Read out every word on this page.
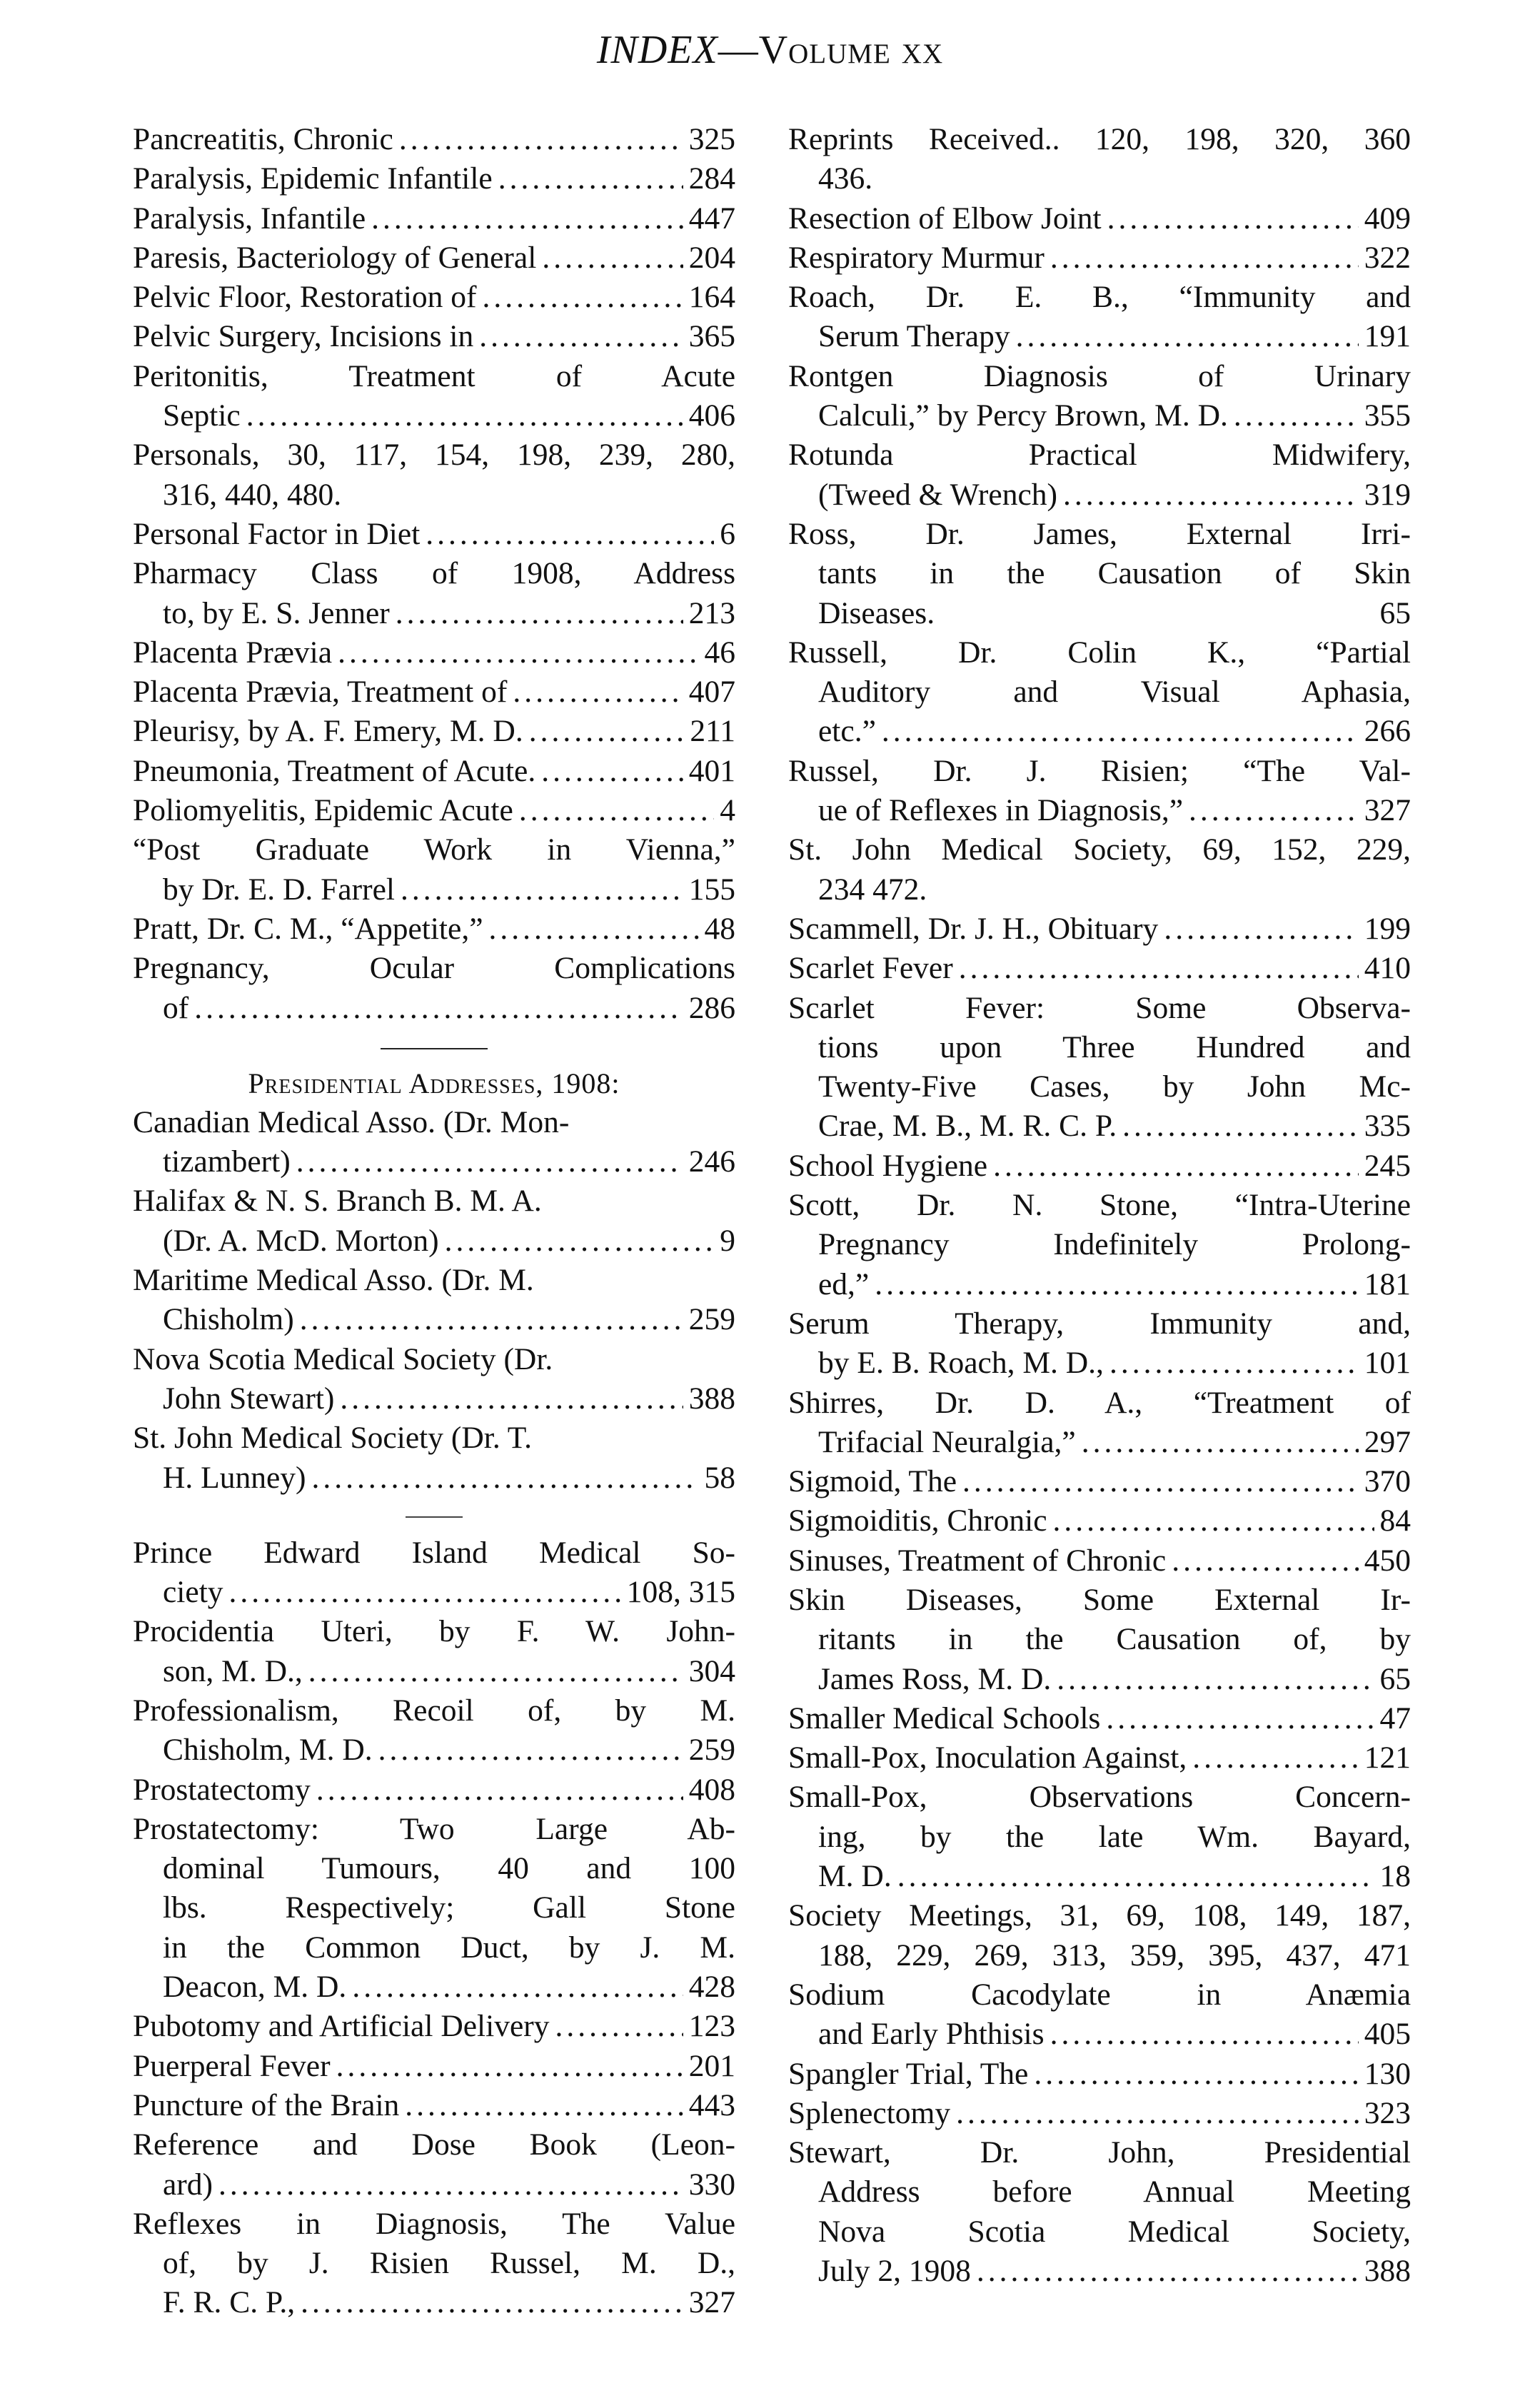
INDEX—Volume xx
Pancreatitis, Chronic .....	325
Paralysis, Epidemic Infantile .....	284
Paralysis, Infantile .....	447
Paresis, Bacteriology of General .....	204
Pelvic Floor, Restoration of .....	164
Pelvic Surgery, Incisions in .....	365
Peritonitis, Treatment of Acute
Septic .....	406
Personals, 30, 117, 154, 198, 239, 280,
316, 440, 480.
Personal Factor in Diet .....	6
Pharmacy Class of 1908, Address
to, by E. S. Jenner .....	213
Placenta Prævia .....	46
Placenta Prævia, Treatment of .....	407
Pleurisy, by A. F. Emery, M. D. .....	211
Pneumonia, Treatment of Acute. .....	401
Poliomyelitis, Epidemic Acute .....	4
“Post Graduate Work in Vienna,”
by Dr. E. D. Farrel .....	155
Pratt, Dr. C. M., “Appetite,” .....	48
Pregnancy, Ocular Complications
of .....	286
Presidential Addresses, 1908:
Canadian Medical Asso. (Dr. Mon-
tizambert) .....	246
Halifax & N. S. Branch B. M. A.
(Dr. A. McD. Morton) .....	9
Maritime Medical Asso. (Dr. M.
Chisholm) .....	259
Nova Scotia Medical Society (Dr.
John Stewart) .....	388
St. John Medical Society (Dr. T.
H. Lunney) .....	58
Prince Edward Island Medical So-
ciety .....	108, 315
Procidentia Uteri, by F. W. John-
son, M. D., .....	304
Professionalism, Recoil of, by M.
Chisholm, M. D. .....	259
Prostatectomy .....	408
Prostatectomy: Two Large Ab-
dominal Tumours, 40 and 100
lbs. Respectively; Gall Stone
in the Common Duct, by J. M.
Deacon, M. D. .....	428
Pubotomy and Artificial Delivery .....	123
Puerperal Fever .....	201
Puncture of the Brain .....	443
Reference and Dose Book (Leon-
ard) .....	330
Reflexes in Diagnosis, The Value
of, by J. Risien Russel, M. D.,
F. R. C. P., .....	327
Reprints Received.. 120, 198, 320, 360
436.
Resection of Elbow Joint .....	409
Respiratory Murmur .....	322
Roach, Dr. E. B., “Immunity and
Serum Therapy .....	191
Rontgen Diagnosis of Urinary
Calculi,” by Percy Brown, M. D. .....	355
Rotunda Practical Midwifery,
(Tweed & Wrench) .....	319
Ross, Dr. James, External Irri-
tants in the Causation of Skin
Diseases.	65
Russell, Dr. Colin K., “Partial
Auditory and Visual Aphasia,
etc.” .....	266
Russel, Dr. J. Risien; “The Val-
ue of Reflexes in Diagnosis,” .....	327
St. John Medical Society, 69, 152, 229,
234 472.
Scammell, Dr. J. H., Obituary .....	199
Scarlet Fever .....	410
Scarlet Fever: Some Observa-
tions upon Three Hundred and
Twenty-Five Cases, by John Mc-
Crae, M. B., M. R. C. P. .....	335
School Hygiene .....	245
Scott, Dr. N. Stone, “Intra-Uterine
Pregnancy Indefinitely Prolong-
ed,” .....	181
Serum Therapy, Immunity and,
by E. B. Roach, M. D., .....	101
Shirres, Dr. D. A., “Treatment of
Trifacial Neuralgia,” .....	297
Sigmoid, The .....	370
Sigmoiditis, Chronic .....	84
Sinuses, Treatment of Chronic .....	450
Skin Diseases, Some External Ir-
ritants in the Causation of, by
James Ross, M. D. .....	65
Smaller Medical Schools .....	47
Small-Pox, Inoculation Against, .....	121
Small-Pox, Observations Concern-
ing, by the late Wm. Bayard,
M. D. .....	18
Society Meetings, 31, 69, 108, 149, 187,
188, 229, 269, 313, 359, 395, 437, 471
Sodium Cacodylate in Anæmia
and Early Phthisis .....	405
Spangler Trial, The .....	130
Splenectomy .....	323
Stewart, Dr. John, Presidential
Address before Annual Meeting
Nova Scotia Medical Society,
July 2, 1908 .....	388
